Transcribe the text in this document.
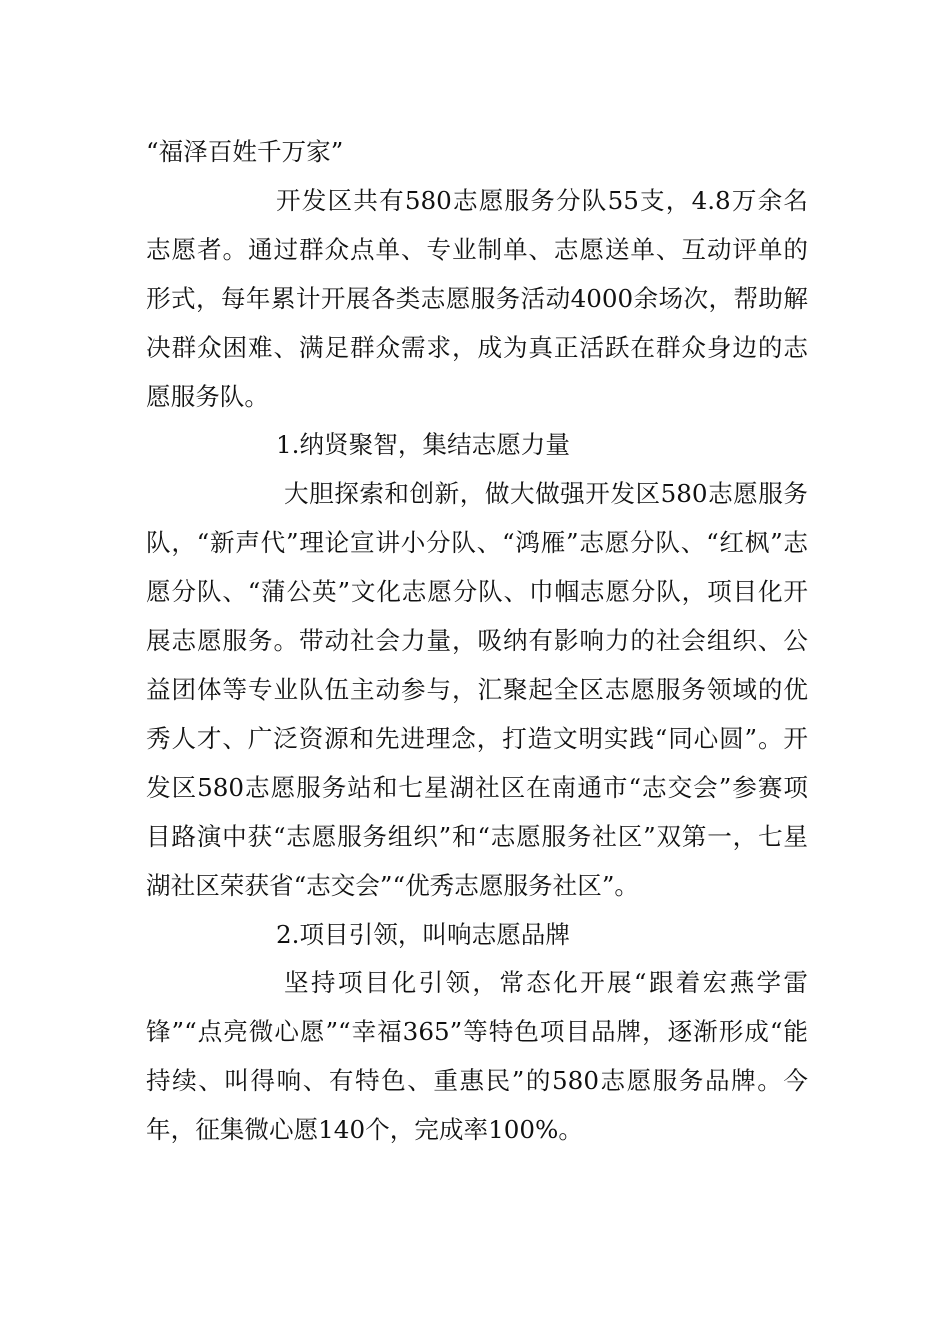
“福泽百姓千万家”

开发区共有580志愿服务分队55支，4.8万余名志愿者。通过群众点单、专业制单、志愿送单、互动评单的形式，每年累计开展各类志愿服务活动4000余场次，帮助解决群众困难、满足群众需求，成为真正活跃在群众身边的志愿服务队。

1.纳贤聚智，集结志愿力量

大胆探索和创新，做大做强开发区580志愿服务队，“新声代”理论宣讲小分队、“鸿雁”志愿分队、“红枫”志愿分队、“蒲公英”文化志愿分队、巾帼志愿分队，项目化开展志愿服务。带动社会力量，吸纳有影响力的社会组织、公益团体等专业队伍主动参与，汇聚起全区志愿服务领域的优秀人才、广泛资源和先进理念，打造文明实践“同心圆”。开发区580志愿服务站和七星湖社区在南通市“志交会”参赛项目路演中获“志愿服务组织”和“志愿服务社区”双第一，七星湖社区荣获省“志交会”“优秀志愿服务社区”。

2.项目引领，叫响志愿品牌

坚持项目化引领，常态化开展“跟着宏燕学雷锋”“点亮微心愿”“幸福365”等特色项目品牌，逐渐形成“能持续、叫得响、有特色、重惠民”的580志愿服务品牌。今年，征集微心愿140个，完成率100%。
